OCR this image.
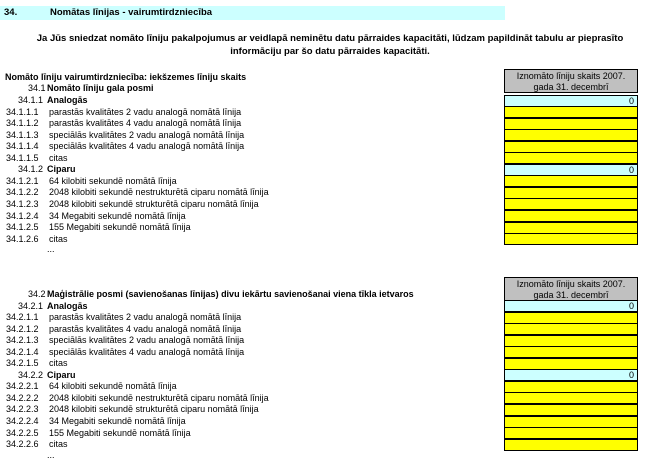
34.	Nomātas līnijas - vairumtirdzniecība
Ja Jūs sniedzat nomāto līniju pakalpojumus ar veidlapā neminētu datu pārraides kapacitāti, lūdzam papildināt tabulu ar pieprasīto
informāciju par šo datu pārraides kapacitāti.
Nomāto līniju vairumtirdzniecība: iekšzemes līniju skaits	Iznomāto līniju skaits 2007.
gada 31. decembrī
34.1 Nomāto līniju gala posmi
34.1.1 Analogās	0
34.1.1.1 parastās kvalitātes 2 vadu analogā nomātā līnija
34.1.1.2 parastās kvalitātes 4 vadu analogā nomātā līnija
34.1.1.3 speciālās kvalitātes 2 vadu analogā nomātā līnija
34.1.1.4 speciālās kvalitātes 4 vadu analogā nomātā līnija
34.1.1.5 citas
34.1.2 Ciparu	0
34.1.2.1 64 kilobiti sekundē nomātā līnija
34.1.2.2 2048 kilobiti sekundē nestrukturētā ciparu nomātā līnija
34.1.2.3 2048 kilobiti sekundē strukturētā ciparu nomātā līnija
34.1.2.4 34 Megabiti sekundē nomātā līnija
34.1.2.5 155 Megabiti sekundē nomātā līnija
34.1.2.6 citas
...
Iznomāto līniju skaits 2007.
gada 31. decembrī
34.2 Maģistrālie posmi (savienošanas līnijas) divu iekārtu savienošanai viena tīkla ietvaros
34.2.1 Analogās	0
34.2.1.1 parastās kvalitātes 2 vadu analogā nomātā līnija
34.2.1.2 parastās kvalitātes 4 vadu analogā nomātā līnija
34.2.1.3 speciālās kvalitātes 2 vadu analogā nomātā līnija
34.2.1.4 speciālās kvalitātes 4 vadu analogā nomātā līnija
34.2.1.5 citas
34.2.2 Ciparu	0
34.2.2.1 64 kilobiti sekundē nomātā līnija
34.2.2.2 2048 kilobiti sekundē nestrukturētā ciparu nomātā līnija
34.2.2.3 2048 kilobiti sekundē strukturētā ciparu nomātā līnija
34.2.2.4 34 Megabiti sekundē nomātā līnija
34.2.2.5 155 Megabiti sekundē nomātā līnija
34.2.2.6 citas
...
